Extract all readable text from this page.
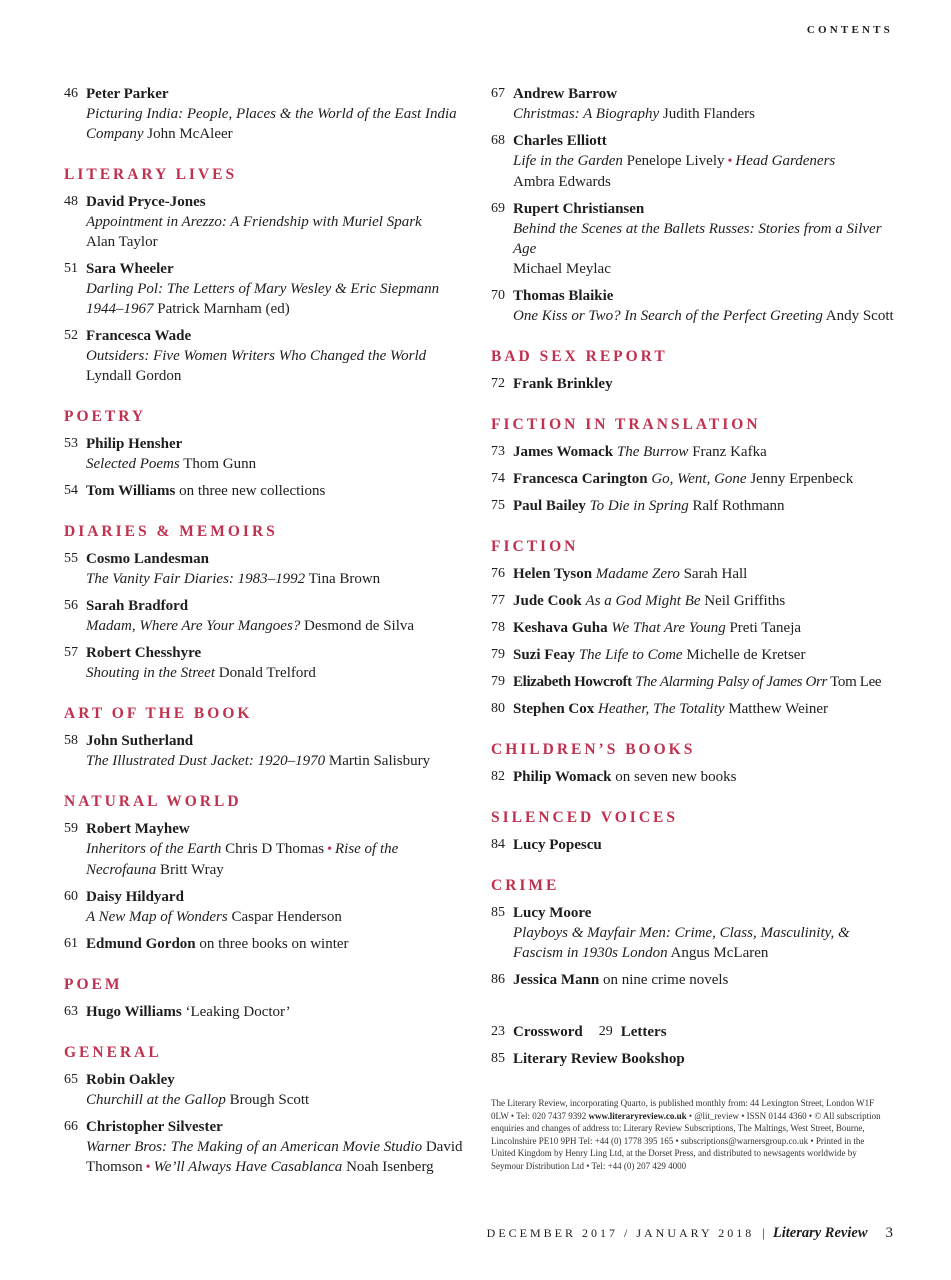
CONTENTS
46 Peter Parker
Picturing India: People, Places & the World of the East India Company John McAleer
LITERARY LIVES
48 David Pryce-Jones
Appointment in Arezzo: A Friendship with Muriel Spark
Alan Taylor
51 Sara Wheeler
Darling Pol: The Letters of Mary Wesley & Eric Siepmann 1944–1967 Patrick Marnham (ed)
52 Francesca Wade
Outsiders: Five Women Writers Who Changed the World
Lyndall Gordon
POETRY
53 Philip Hensher
Selected Poems Thom Gunn
54 Tom Williams on three new collections
DIARIES & MEMOIRS
55 Cosmo Landesman
The Vanity Fair Diaries: 1983–1992 Tina Brown
56 Sarah Bradford
Madam, Where Are Your Mangoes? Desmond de Silva
57 Robert Chesshyre
Shouting in the Street Donald Trelford
ART OF THE BOOK
58 John Sutherland
The Illustrated Dust Jacket: 1920–1970 Martin Salisbury
NATURAL WORLD
59 Robert Mayhew
Inheritors of the Earth Chris D Thomas • Rise of the Necrofauna Britt Wray
60 Daisy Hildyard
A New Map of Wonders Caspar Henderson
61 Edmund Gordon on three books on winter
POEM
63 Hugo Williams ‘Leaking Doctor’
GENERAL
65 Robin Oakley
Churchill at the Gallop Brough Scott
66 Christopher Silvester
Warner Bros: The Making of an American Movie Studio David Thomson • We’ll Always Have Casablanca Noah Isenberg
67 Andrew Barrow
Christmas: A Biography Judith Flanders
68 Charles Elliott
Life in the Garden Penelope Lively • Head Gardeners
Ambra Edwards
69 Rupert Christiansen
Behind the Scenes at the Ballets Russes: Stories from a Silver Age
Michael Meylac
70 Thomas Blaikie
One Kiss or Two? In Search of the Perfect Greeting Andy Scott
BAD SEX REPORT
72 Frank Brinkley
FICTION IN TRANSLATION
73 James Womack The Burrow Franz Kafka
74 Francesca Carington Go, Went, Gone Jenny Erpenbeck
75 Paul Bailey To Die in Spring Ralf Rothmann
FICTION
76 Helen Tyson Madame Zero Sarah Hall
77 Jude Cook As a God Might Be Neil Griffiths
78 Keshava Guha We That Are Young Preti Taneja
79 Suzi Feay The Life to Come Michelle de Kretser
79 Elizabeth Howcroft The Alarming Palsy of James Orr Tom Lee
80 Stephen Cox Heather, The Totality Matthew Weiner
CHILDREN’S BOOKS
82 Philip Womack on seven new books
SILENCED VOICES
84 Lucy Popescu
CRIME
85 Lucy Moore
Playboys & Mayfair Men: Crime, Class, Masculinity, & Fascism in 1930s London Angus McLaren
86 Jessica Mann on nine crime novels
23 Crossword 29 Letters
85 Literary Review Bookshop
The Literary Review, incorporating Quarto, is published monthly from: 44 Lexington Street, London W1F 0LW • Tel: 020 7437 9392 www.literaryreview.co.uk • @lit_review • ISSN 0144 4360 • © All subscription enquiries and changes of address to: Literary Review Subscriptions, The Maltings, West Street, Bourne, Lincolnshire PE10 9PH Tel: +44 (0) 1778 395 165 • subscriptions@warnersgroup.co.uk • Printed in the United Kingdom by Henry Ling Ltd, at the Dorset Press, and distributed to newsagents worldwide by Seymour Distribution Ltd • Tel: +44 (0) 207 429 4000
DECEMBER 2017 / JANUARY 2018 | Literary Review 3
